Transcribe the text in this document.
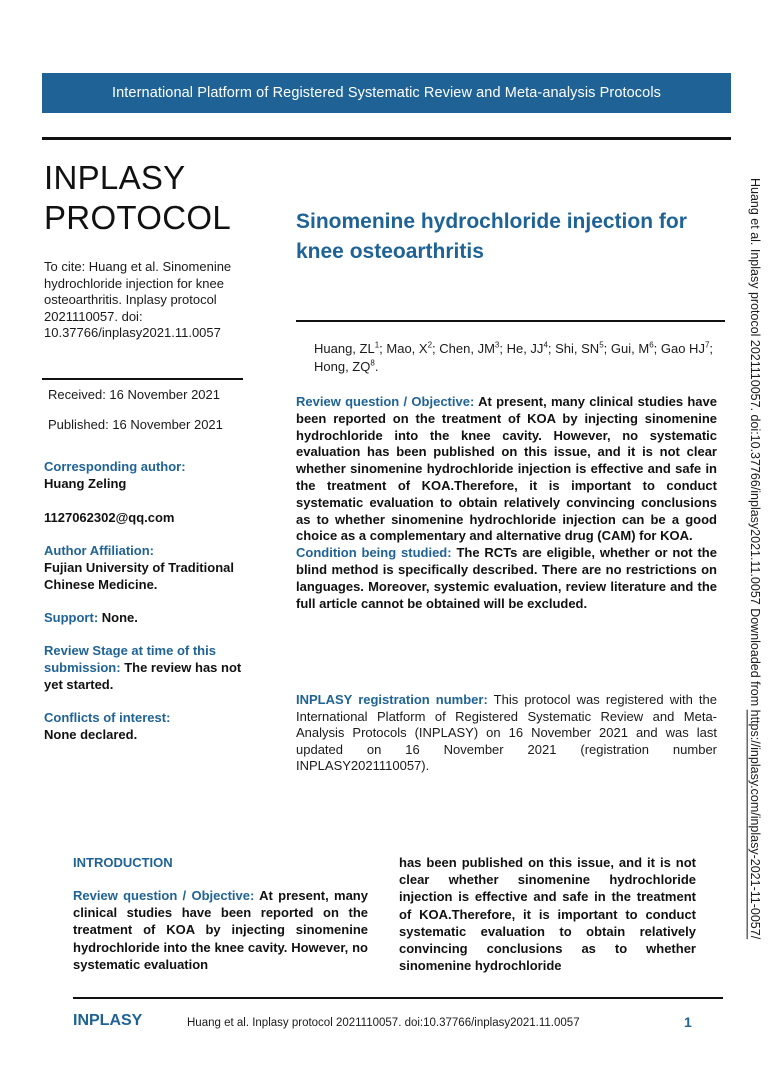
International Platform of Registered Systematic Review and Meta-analysis Protocols
INPLASY
PROTOCOL
To cite: Huang et al. Sinomenine hydrochloride injection for knee osteoarthritis. Inplasy protocol 2021110057. doi: 10.37766/inplasy2021.11.0057
Received: 16 November 2021
Published: 16 November 2021
Corresponding author:
Huang Zeling
1127062302@qq.com
Author Affiliation:
Fujian University of Traditional Chinese Medicine.
Support: None.
Review Stage at time of this submission: The review has not yet started.
Conflicts of interest:
None declared.
Sinomenine hydrochloride injection for knee osteoarthritis
Huang, $ZL^1$; Mao, $X^2$; Chen, $JM^3$; He, $JJ^4$; Shi, $SN^5$; Gui, $M^6$; Gao $HJ^7$; Hong, $ZQ^8$.

Review question / Objective: At present, many clinical studies have been reported on the treatment of KOA by injecting sinomenine hydrochloride into the knee cavity. However, no systematic evaluation has been published on this issue, and it is not clear whether sinomenine hydrochloride injection is effective and safe in the treatment of KOA.Therefore, it is important to conduct systematic evaluation to obtain relatively convincing conclusions as to whether sinomenine hydrochloride injection can be a good choice as a complementary and alternative drug (CAM) for KOA.

Condition being studied: The RCTs are eligible, whether or not the blind method is specifically described. There are no restrictions on languages. Moreover, systemic evaluation, review literature and the full article cannot be obtained will be excluded.

INPLASY registration number: This protocol was registered with the International Platform of Registered Systematic Review and Meta-Analysis Protocols (INPLASY) on 16 November 2021 and was last updated on 16 November 2021 (registration number INPLASY2021110057).
INTRODUCTION
Review question / Objective: At present, many clinical studies have been reported on the treatment of KOA by injecting sinomenine hydrochloride into the knee cavity. However, no systematic evaluation
has been published on this issue, and it is not clear whether sinomenine hydrochloride injection is effective and safe in the treatment of KOA.Therefore, it is important to conduct systematic evaluation to obtain relatively convincing conclusions as to whether sinomenine hydrochloride
INPLASY	Huang et al. Inplasy protocol 2021110057. doi:10.37766/inplasy2021.11.0057	1
Huang et al. Inplasy protocol 2021110057. doi:10.37766/inplasy2021.11.0057 Downloaded from https://inplasy.com/inplasy-2021-11-0057/
